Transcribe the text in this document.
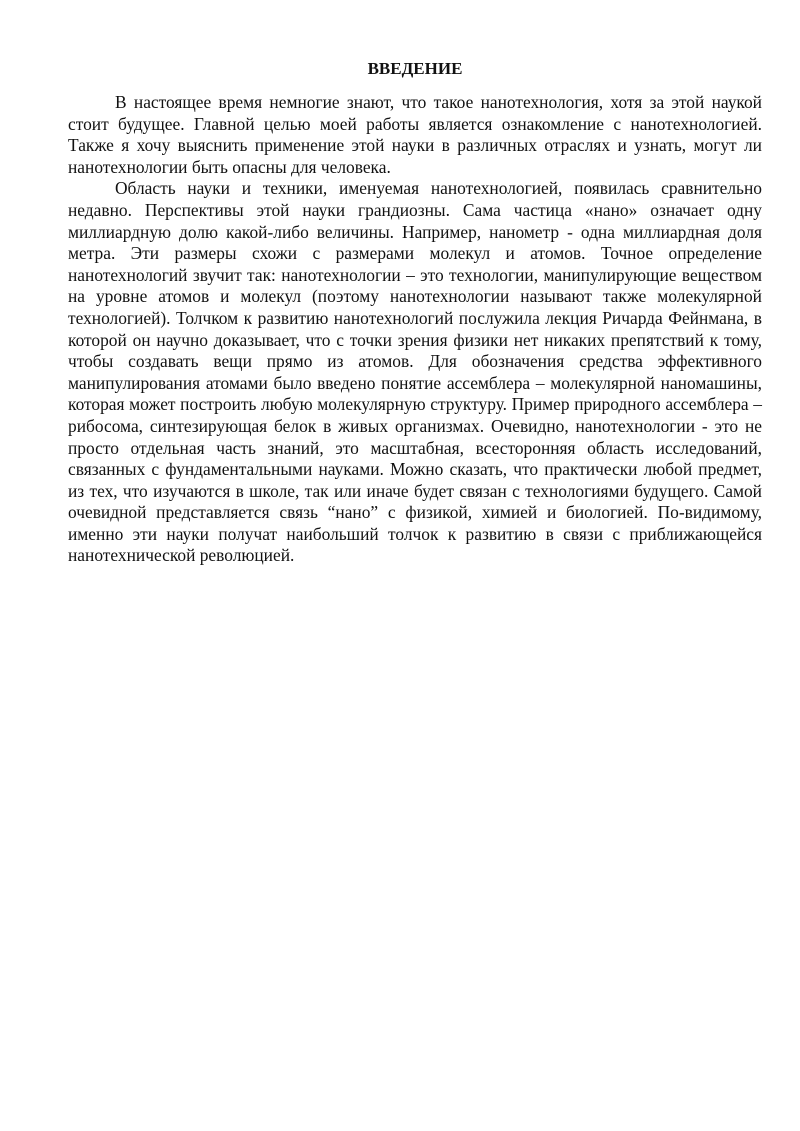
ВВЕДЕНИЕ

В настоящее время немногие знают, что такое нанотехнология, хотя за этой наукой стоит будущее. Главной целью моей работы является ознакомление с нанотехнологией. Также я хочу выяснить применение этой науки в различных отраслях и узнать, могут ли нанотехнологии быть опасны для человека.

Область науки и техники, именуемая нанотехнологией, появилась сравнительно недавно. Перспективы этой науки грандиозны. Сама частица «нано» означает одну миллиардную долю какой-либо величины. Например, нанометр - одна миллиардная доля метра. Эти размеры схожи с размерами молекул и атомов. Точное определение нанотехнологий звучит так: нанотехнологии – это технологии, манипулирующие веществом на уровне атомов и молекул (поэтому нанотехнологии называют также молекулярной технологией). Толчком к развитию нанотехнологий послужила лекция Ричарда Фейнмана, в которой он научно доказывает, что с точки зрения физики нет никаких препятствий к тому, чтобы создавать вещи прямо из атомов. Для обозначения средства эффективного манипулирования атомами было введено понятие ассемблера – молекулярной наномашины, которая может построить любую молекулярную структуру. Пример природного ассемблера – рибосома, синтезирующая белок в живых организмах. Очевидно, нанотехнологии - это не просто отдельная часть знаний, это масштабная, всесторонняя область исследований, связанных с фундаментальными науками. Можно сказать, что практически любой предмет, из тех, что изучаются в школе, так или иначе будет связан с технологиями будущего. Самой очевидной представляется связь “нано” с физикой, химией и биологией. По-видимому, именно эти науки получат наибольший толчок к развитию в связи с приближающейся нанотехнической революцией.
